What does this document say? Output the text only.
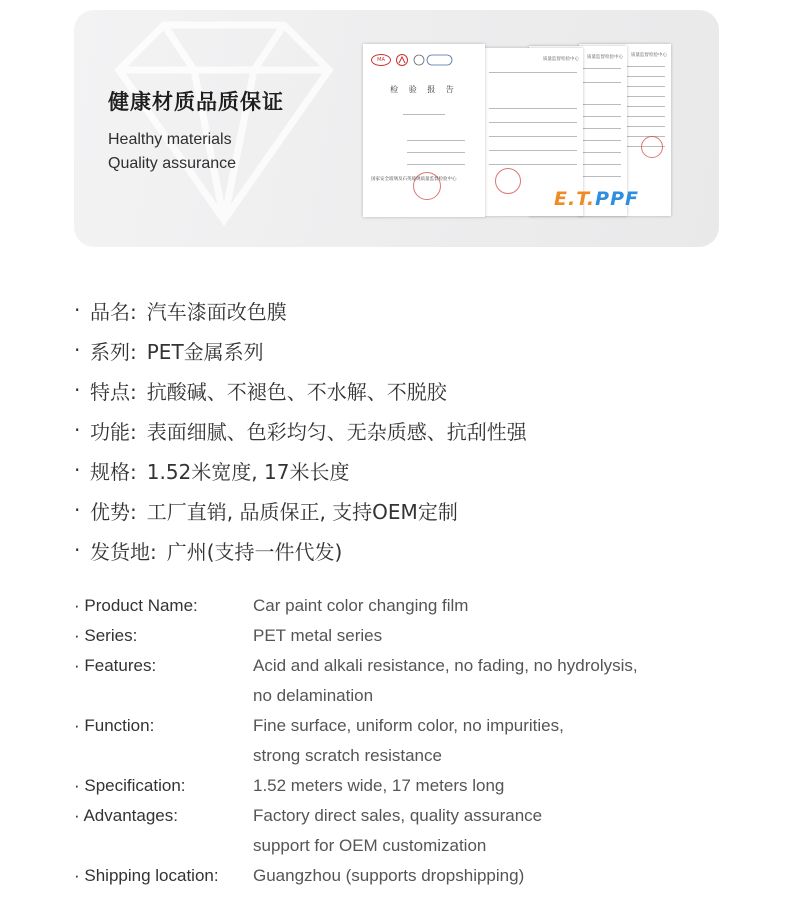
健康材质品质保证
Healthy materials
Quality assurance
质量监督检验中心
质量监督检验中心
质量监督检验中心
MA
检 验 报 告
国家安全玻璃及石英玻璃质量监督检验中心
E.T.PPF
· 品名: 汽车漆面改色膜
· 系列: PET金属系列
· 特点: 抗酸碱、不褪色、不水解、不脱胶
· 功能: 表面细腻、色彩均匀、无杂质感、抗刮性强
· 规格: 1.52米宽度, 17米长度
· 优势: 工厂直销, 品质保正, 支持OEM定制
· 发货地: 广州(支持一件代发)
· Product Name:	Car paint color changing film
· Series:	PET metal series
· Features:	Acid and alkali resistance, no fading, no hydrolysis,
no delamination
· Function:	Fine surface, uniform color, no impurities,
strong scratch resistance
· Specification:	1.52 meters wide, 17 meters long
· Advantages:	Factory direct sales, quality assurance
support for OEM customization
· Shipping location:	Guangzhou (supports dropshipping)
